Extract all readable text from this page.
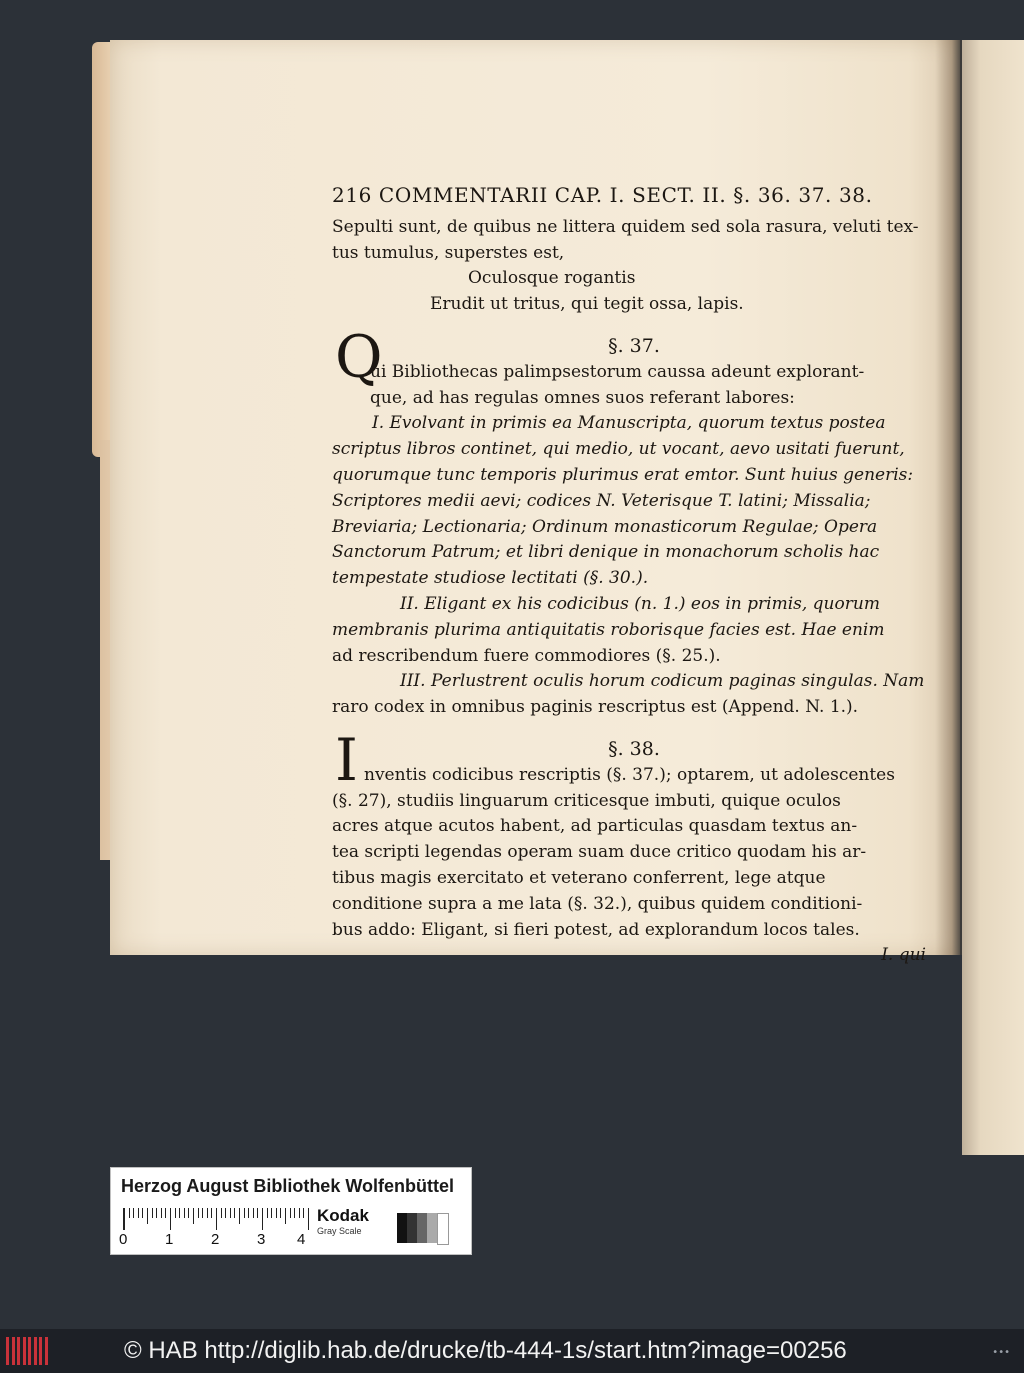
216 COMMENTARII CAP. I. SECT. II. §. 36. 37. 38.
Sepulti sunt, de quibus ne littera quidem sed sola rasura, veluti tex-
tus tumulus, superstes est,
Oculosque rogantis
Erudit ut tritus, qui tegit ossa, lapis.
§. 37.
Q
ui Bibliothecas palimpsestorum caussa adeunt explorant-
que, ad has regulas omnes suos referant labores:
I. Evolvant in primis ea Manuscripta, quorum textus postea
scriptus libros continet, qui medio, ut vocant, aevo usitati fuerunt,
quorumque tunc temporis plurimus erat emtor. Sunt huius generis:
Scriptores medii aevi; codices N. Veterisque T. latini; Missalia;
Breviaria; Lectionaria; Ordinum monasticorum Regulae; Opera
Sanctorum Patrum; et libri denique in monachorum scholis hac
tempestate studiose lectitati (§. 30.).
II. Eligant ex his codicibus (n. 1.) eos in primis, quorum
membranis plurima antiquitatis roborisque facies est. Hae enim
ad rescribendum fuere commodiores (§. 25.).
III. Perlustrent oculis horum codicum paginas singulas. Nam
raro codex in omnibus paginis rescriptus est (Append. N. 1.).
§. 38.
I nventis codicibus rescriptis (§. 37.); optarem, ut adolescentes
(§. 27), studiis linguarum criticesque imbuti, quique oculos
acres atque acutos habent, ad particulas quasdam textus an-
tea scripti legendas operam suam duce critico quodam his ar-
tibus magis exercitato et veterano conferrent, lege atque
conditione supra a me lata (§. 32.), quibus quidem conditioni-
bus addo: Eligant, si fieri potest, ad explorandum locos tales.
I. qui
Herzog August Bibliothek Wolfenbüttel
0	1	2	3 4
Kodak
Gray Scale
© HAB http://diglib.hab.de/drucke/tb-444-1s/start.htm?image=00256	•••
